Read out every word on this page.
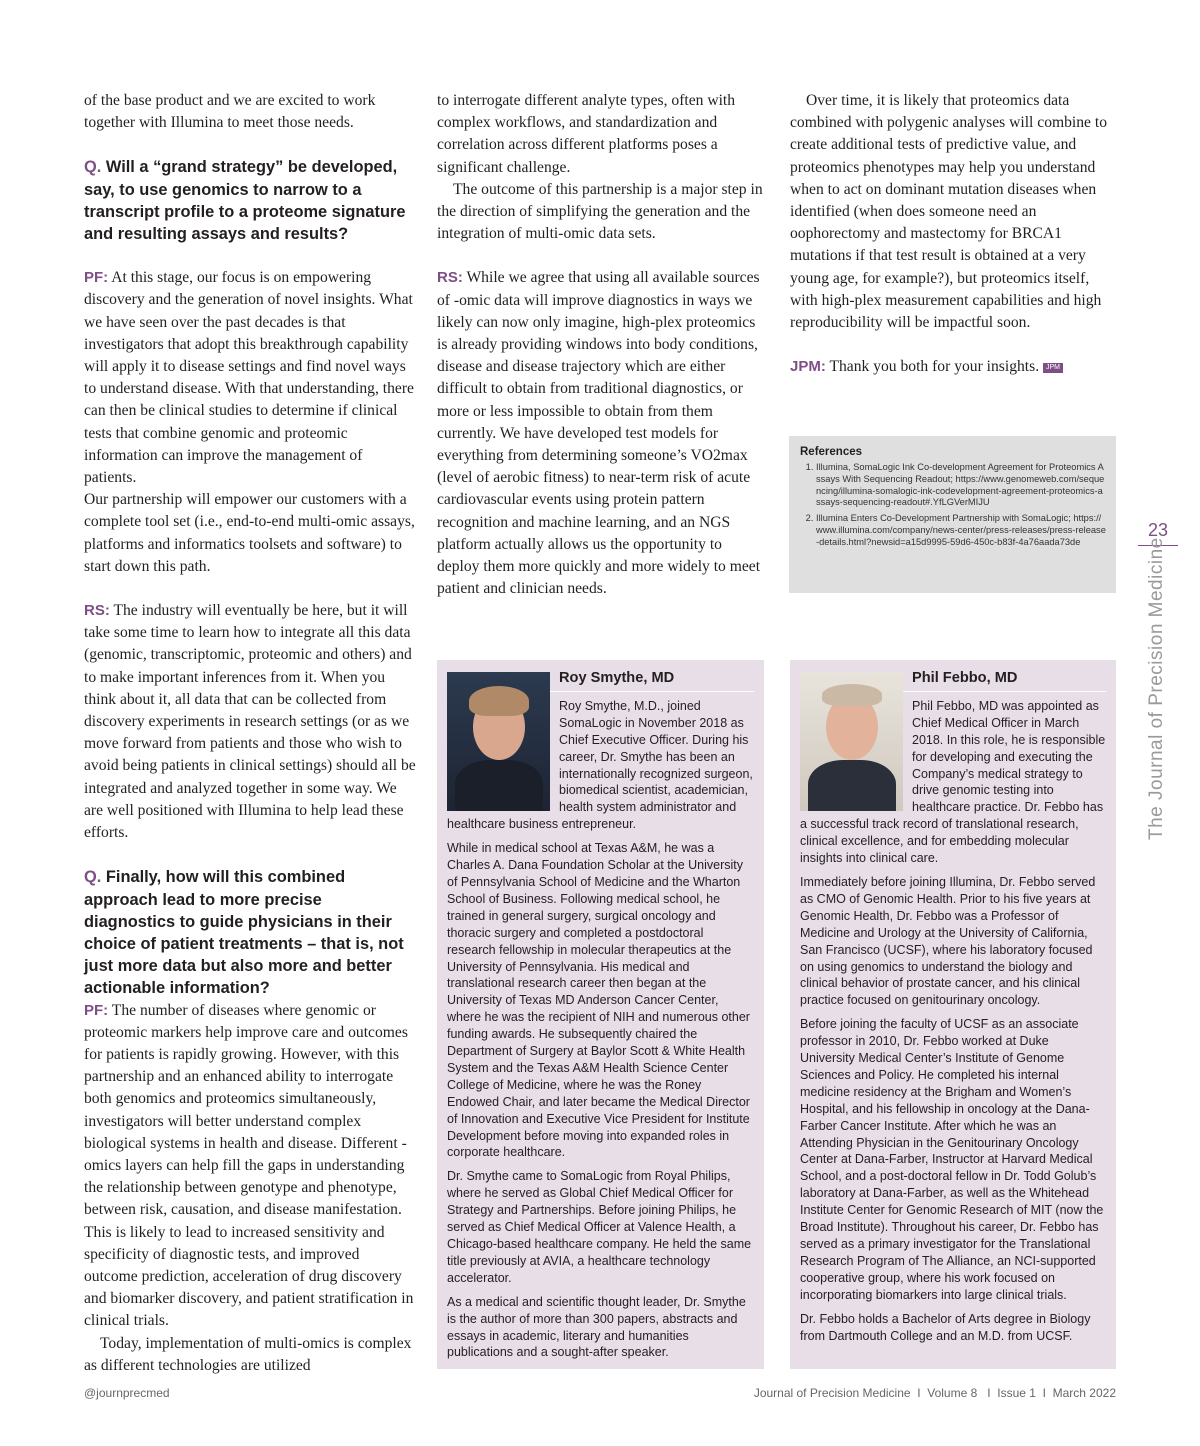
of the base product and we are excited to work together with Illumina to meet those needs.

Q. Will a “grand strategy” be developed, say, to use genomics to narrow to a transcript profile to a proteome signature and resulting assays and results?

PF: At this stage, our focus is on empowering discovery and the generation of novel insights. What we have seen over the past decades is that investigators that adopt this breakthrough capability will apply it to disease settings and find novel ways to understand disease. With that understanding, there can then be clinical studies to determine if clinical tests that combine genomic and proteomic information can improve the management of patients.

Our partnership will empower our customers with a complete tool set (i.e., end-to-end multi-omic assays, platforms and informatics toolsets and software) to start down this path.

RS: The industry will eventually be here, but it will take some time to learn how to integrate all this data (genomic, transcriptomic, proteomic and others) and to make important inferences from it. When you think about it, all data that can be collected from discovery experiments in research settings (or as we move forward from patients and those who wish to avoid being patients in clinical settings) should all be integrated and analyzed together in some way. We are well positioned with Illumina to help lead these efforts.

Q. Finally, how will this combined approach lead to more precise diagnostics to guide physicians in their choice of patient treatments – that is, not just more data but also more and better actionable information?

PF: The number of diseases where genomic or proteomic markers help improve care and outcomes for patients is rapidly growing. However, with this partnership and an enhanced ability to interrogate both genomics and proteomics simultaneously, investigators will better understand complex biological systems in health and disease. Different -omics layers can help fill the gaps in understanding the relationship between genotype and phenotype, between risk, causation, and disease manifestation. This is likely to lead to increased sensitivity and specificity of diagnostic tests, and improved outcome prediction, acceleration of drug discovery and biomarker discovery, and patient stratification in clinical trials.

Today, implementation of multi-omics is complex as different technologies are utilized

to interrogate different analyte types, often with complex workflows, and standardization and correlation across different platforms poses a significant challenge.

The outcome of this partnership is a major step in the direction of simplifying the generation and the integration of multi-omic data sets.

RS: While we agree that using all available sources of -omic data will improve diagnostics in ways we likely can now only imagine, high-plex proteomics is already providing windows into body conditions, disease and disease trajectory which are either difficult to obtain from traditional diagnostics, or more or less impossible to obtain from them currently. We have developed test models for everything from determining someone’s VO2max (level of aerobic fitness) to near-term risk of acute cardiovascular events using protein pattern recognition and machine learning, and an NGS platform actually allows us the opportunity to deploy them more quickly and more widely to meet patient and clinician needs.

Over time, it is likely that proteomics data combined with polygenic analyses will combine to create additional tests of predictive value, and proteomics phenotypes may help you understand when to act on dominant mutation diseases when identified (when does someone need an oophorectomy and mastectomy for BRCA1 mutations if that test result is obtained at a very young age, for example?), but proteomics itself, with high-plex measurement capabilities and high reproducibility will be impactful soon.

JPM: Thank you both for your insights. JPM

References
1. Illumina, SomaLogic Ink Co-development Agreement for Proteomics Assays With Sequencing Readout; https://www.genomeweb.com/sequencing/illumina-somalogic-ink-codevelopment-agreement-proteomics-assays-sequencing-readout#.YfLGVerMIJU
2. Illumina Enters Co-Development Partnership with SomaLogic; https://www.illumina.com/company/news-center/press-releases/press-release-details.html?newsid=a15d9995-59d6-450c-b83f-4a76aada73de
Roy Smythe, MD

Roy Smythe, M.D., joined SomaLogic in November 2018 as Chief Executive Officer. During his career, Dr. Smythe has been an internationally recognized surgeon, biomedical scientist, academician, health system administrator and healthcare business entrepreneur.

While in medical school at Texas A&M, he was a Charles A. Dana Foundation Scholar at the University of Pennsylvania School of Medicine and the Wharton School of Business. Following medical school, he trained in general surgery, surgical oncology and thoracic surgery and completed a postdoctoral research fellowship in molecular therapeutics at the University of Pennsylvania. His medical and translational research career then began at the University of Texas MD Anderson Cancer Center, where he was the recipient of NIH and numerous other funding awards. He subsequently chaired the Department of Surgery at Baylor Scott & White Health System and the Texas A&M Health Science Center College of Medicine, where he was the Roney Endowed Chair, and later became the Medical Director of Innovation and Executive Vice President for Institute Development before moving into expanded roles in corporate healthcare.

Dr. Smythe came to SomaLogic from Royal Philips, where he served as Global Chief Medical Officer for Strategy and Partnerships. Before joining Philips, he served as Chief Medical Officer at Valence Health, a Chicago-based healthcare company. He held the same title previously at AVIA, a healthcare technology accelerator.

As a medical and scientific thought leader, Dr. Smythe is the author of more than 300 papers, abstracts and essays in academic, literary and humanities publications and a sought-after speaker.

Phil Febbo, MD

Phil Febbo, MD was appointed as Chief Medical Officer in March 2018. In this role, he is responsible for developing and executing the Company’s medical strategy to drive genomic testing into healthcare practice. Dr. Febbo has a successful track record of translational research, clinical excellence, and for embedding molecular insights into clinical care.

Immediately before joining Illumina, Dr. Febbo served as CMO of Genomic Health. Prior to his five years at Genomic Health, Dr. Febbo was a Professor of Medicine and Urology at the University of California, San Francisco (UCSF), where his laboratory focused on using genomics to understand the biology and clinical behavior of prostate cancer, and his clinical practice focused on genitourinary oncology.

Before joining the faculty of UCSF as an associate professor in 2010, Dr. Febbo worked at Duke University Medical Center’s Institute of Genome Sciences and Policy. He completed his internal medicine residency at the Brigham and Women’s Hospital, and his fellowship in oncology at the Dana-Farber Cancer Institute. After which he was an Attending Physician in the Genitourinary Oncology Center at Dana-Farber, Instructor at Harvard Medical School, and a post-doctoral fellow in Dr. Todd Golub’s laboratory at Dana-Farber, as well as the Whitehead Institute Center for Genomic Research of MIT (now the Broad Institute). Throughout his career, Dr. Febbo has served as a primary investigator for the Translational Research Program of The Alliance, an NCI-supported cooperative group, where his work focused on incorporating biomarkers into large clinical trials.

Dr. Febbo holds a Bachelor of Arts degree in Biology from Dartmouth College and an M.D. from UCSF.

23
The Journal of Precision Medicine
@journprecmed	Journal of Precision Medicine  I  Volume 8   I  Issue 1  I  March 2022
